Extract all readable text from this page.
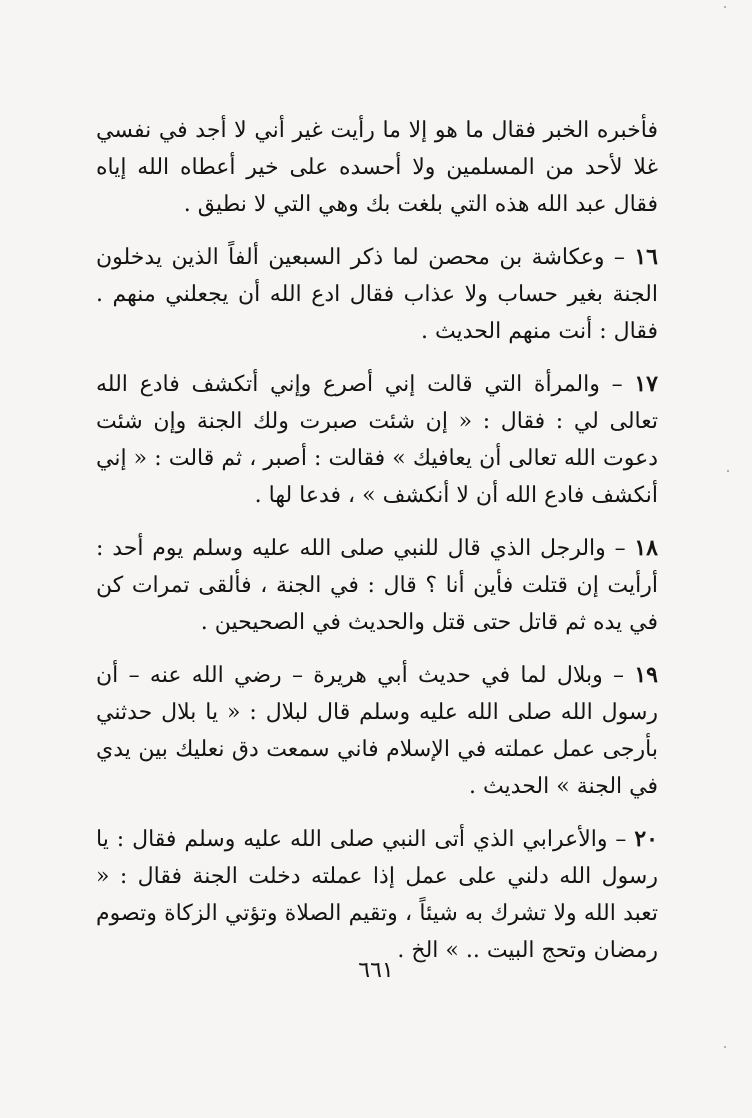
فأخبره الخبر فقال ما هو إلا ما رأيت غير أني لا أجد في نفسي غلا لأحد من المسلمين ولا أحسده على خير أعطاه الله إياه فقال عبد الله هذه التي بلغت بك وهي التي لا نطيق .

١٦ – وعكاشة بن محصن لما ذكر السبعين ألفاً الذين يدخلون الجنة بغير حساب ولا عذاب فقال ادع الله أن يجعلني منهم . فقال : أنت منهم الحديث .

١٧ – والمرأة التي قالت إني أصرع وإني أتكشف فادع الله تعالى لي : فقال : « إن شئت صبرت ولك الجنة وإن شئت دعوت الله تعالى أن يعافيك » فقالت : أصبر ، ثم قالت : « إني أنكشف فادع الله أن لا أنكشف » ، فدعا لها .

١٨ – والرجل الذي قال للنبي صلى الله عليه وسلم يوم أحد : أرأيت إن قتلت فأين أنا ؟ قال : في الجنة ، فألقى تمرات كن في يده ثم قاتل حتى قتل والحديث في الصحيحين .

١٩ – وبلال لما في حديث أبي هريرة – رضي الله عنه – أن رسول الله صلى الله عليه وسلم قال لبلال : « يا بلال حدثني بأرجى عمل عملته في الإسلام فاني سمعت دق نعليك بين يدي في الجنة » الحديث .

٢٠ – والأعرابي الذي أتى النبي صلى الله عليه وسلم فقال : يا رسول الله دلني على عمل إذا عملته دخلت الجنة فقال : « تعبد الله ولا تشرك به شيئاً ، وتقيم الصلاة وتؤتي الزكاة وتصوم رمضان وتحج البيت .. » الخ .

٦٦١
